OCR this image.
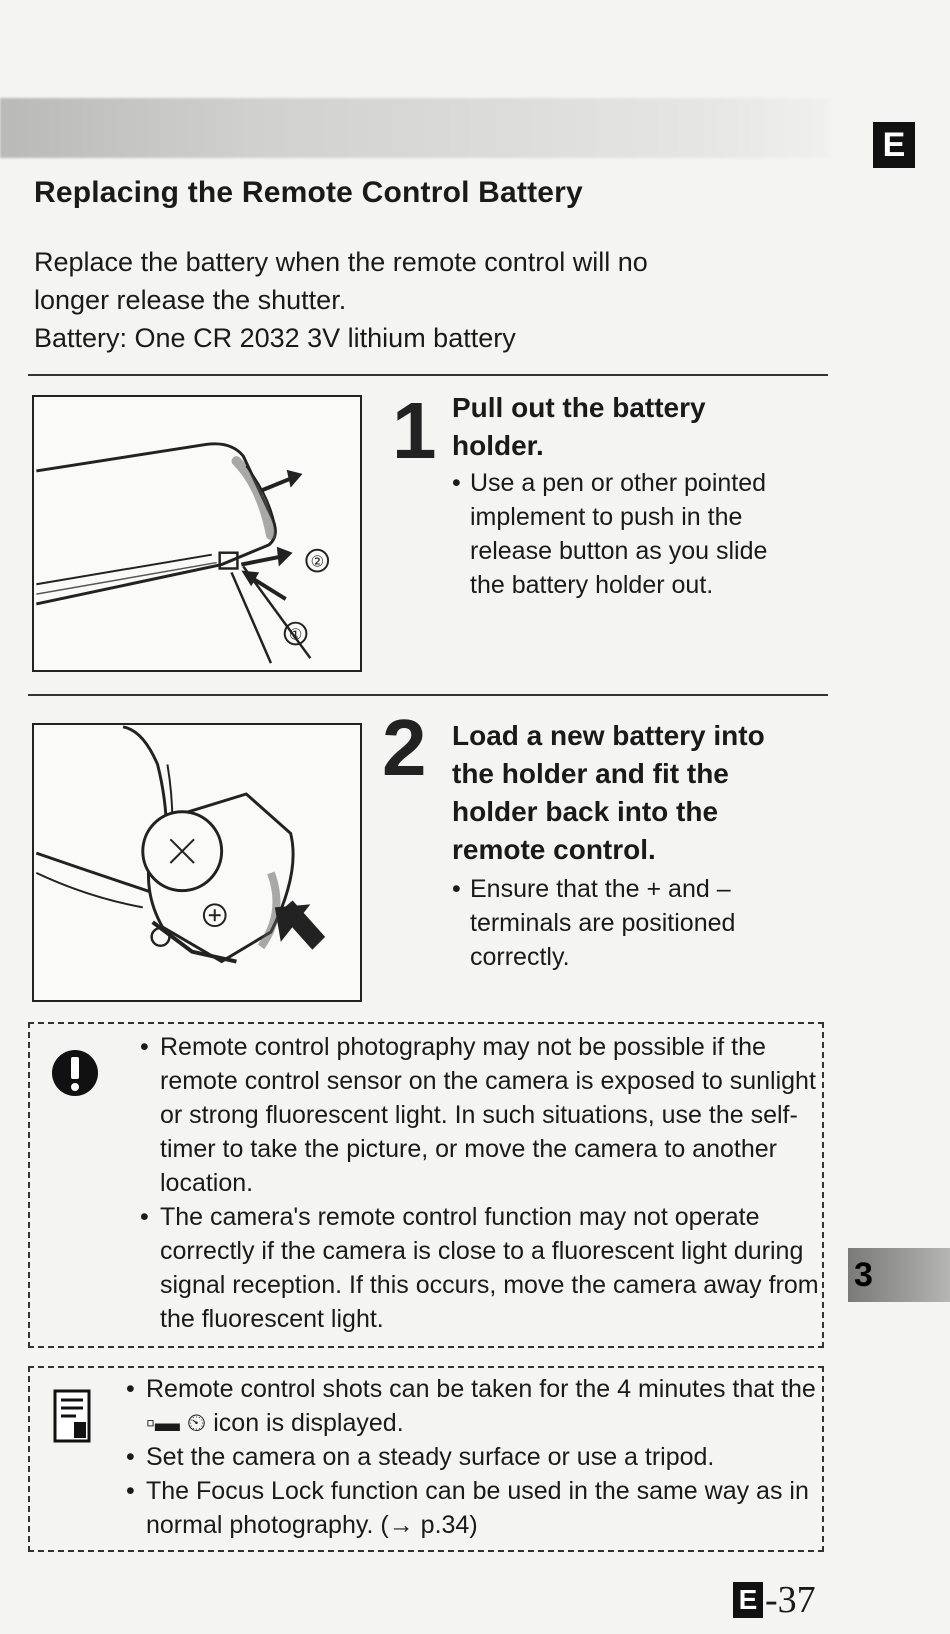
E
Replacing the Remote Control Battery
Replace the battery when the remote control will no
longer release the shutter.
Battery: One CR 2032 3V lithium battery
②
①
1 Pull out the battery
holder.
• Use a pen or other pointed
implement to push in the
release button as you slide
the battery holder out.
2 Load a new battery into
the holder and fit the
holder back into the
remote control.
• Ensure that the + and –
terminals are positioned
correctly.
• Remote control photography may not be possible if the remote control sensor on the camera is exposed to sunlight or strong fluorescent light. In such situations, use the self-timer to take the picture, or move the camera to another location.
• The camera's remote control function may not operate correctly if the camera is close to a fluorescent light during signal reception. If this occurs, move the camera away from the fluorescent light.
3
• Remote control shots can be taken for the 4 minutes that the ▫▬ ⏲ icon is displayed.
• Set the camera on a steady surface or use a tripod.
• The Focus Lock function can be used in the same way as in normal photography. (→ p.34)
E -37
